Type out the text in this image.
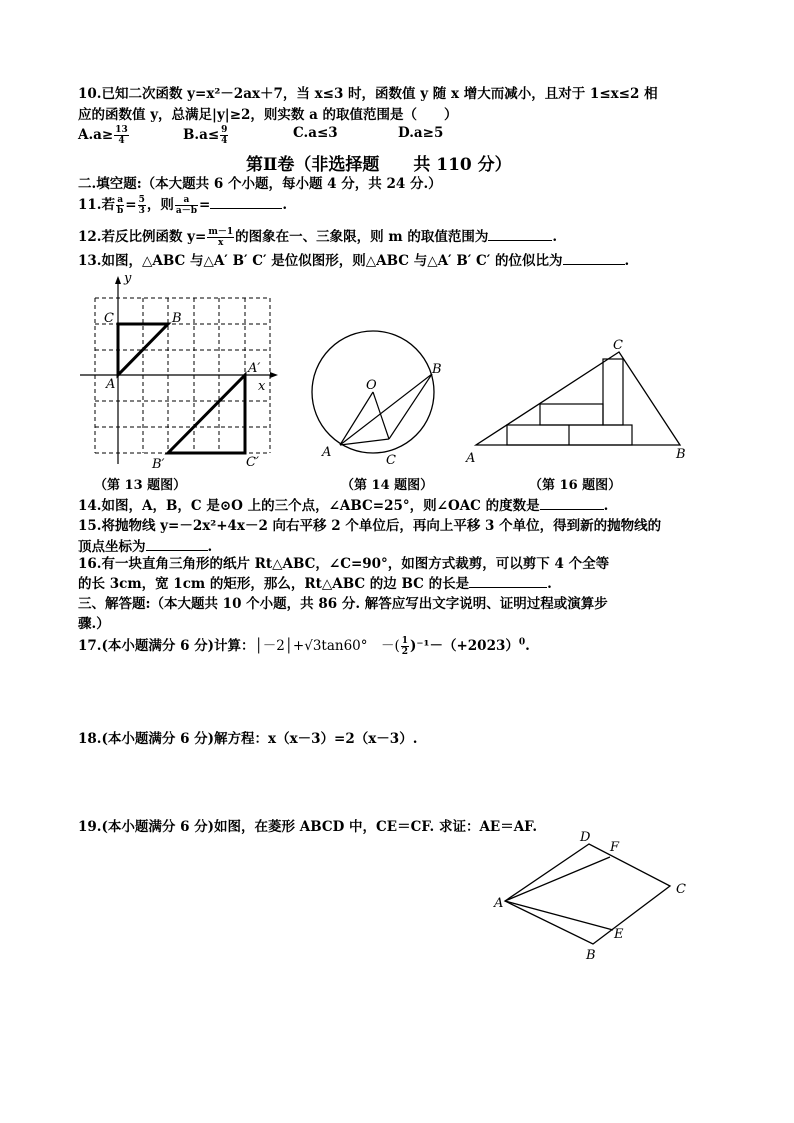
10.已知二次函数 y=x²－2ax＋7，当 x≤3 时，函数值 y 随 x 增大而减小，且对于 1≤x≤2 相
应的函数值 y，总满足|y|≥2，则实数 a 的取值范围是（　　）
$A.a\ge \frac{13}{4}$	$B.a\le \frac{9}{4}$	C.a≤3	D.a≥5
第Ⅱ卷（非选择题　　共 110 分）
二.填空题:（本大题共 6 个小题，每小题 4 分，共 24 分.）
11.若 $\frac{a}{b} = \frac{5}{3}$ ，则 $\frac{a}{a-b}$ =	.
12.若反比例函数 $y= \frac{m-1}{x}$ 的图象在一、三象限，则 m 的取值范围为	.
13.如图，△ABC 与△A′ B′ C′ 是位似图形，则△ABC 与△A′ B′ C′ 的位似比为	.
y
x
A
C	B
A′
B′	C′
O
A
C
B
A	B
C
（第 13 题图）	（第 14 题图）	（第 16 题图）
14.如图，A，B，C 是⊙O 上的三个点，∠ABC=25°，则∠OAC 的度数是	.
15.将抛物线 y=－2x²+4x－2 向右平移 2 个单位后，再向上平移 3 个单位，得到新的抛物线的
顶点坐标为	.
16.有一块直角三角形的纸片 Rt△ABC，∠C=90°，如图方式裁剪，可以剪下 4 个全等
的长 3cm，宽 1cm 的矩形，那么，Rt△ABC 的边 BC 的长是	.
三、解答题:（本大题共 10 个小题，共 86 分. 解答应写出文字说明、证明过程或演算步
骤.）
17.(本小题满分 6 分)计算：│－2│+√3tan60°　－( $\frac{1}{2} )^{-1}-(+2023)^0$.
18.(本小题满分 6 分)解方程：x（x－3）=2（x－3）.
19.(本小题满分 6 分)如图，在菱形 ABCD 中，CE＝CF. 求证：AE＝AF.
D
F
C
A
E
B
